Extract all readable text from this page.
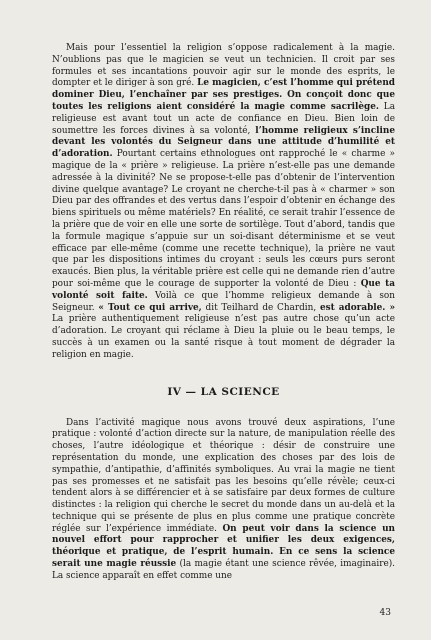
Mais pour l’essentiel la religion s’oppose radicalement à la magie. N’oublions pas que le magicien se veut un technicien. Il croit par ses formules et ses incantations pouvoir agir sur le monde des esprits, le dompter et le diriger à son gré. Le magicien, c’est l’homme qui prétend dominer Dieu, l’enchaîner par ses prestiges. On conçoit donc que toutes les religions aient considéré la magie comme sacrilège. La religieuse est avant tout un acte de confiance en Dieu. Bien loin de soumettre les forces divines à sa volonté, l’homme religieux s’incline devant les volontés du Seigneur dans une attitude d’humilité et d’adoration. Pourtant certains ethnologues ont rapproché le « charme » magique de la « prière » religieuse. La prière n’est-elle pas une demande adressée à la divinité? Ne se propose-t-elle pas d’obtenir de l’intervention divine quelque avantage? Le croyant ne cherche-t-il pas à « charmer » son Dieu par des offrandes et des vertus dans l’espoir d’obtenir en échange des biens spirituels ou même matériels? En réalité, ce serait trahir l’essence de la prière que de voir en elle une sorte de sortilège. Tout d’abord, tandis que la formule magique s’appuie sur un soi-disant déterminisme et se veut efficace par elle-même (comme une recette technique), la prière ne vaut que par les dispositions intimes du croyant : seuls les cœurs purs seront exaucés. Bien plus, la véritable prière est celle qui ne demande rien d’autre pour soi-même que le courage de supporter la volonté de Dieu : Que ta volonté soit faite. Voilà ce que l’homme religieux demande à son Seigneur. « Tout ce qui arrive, dit Teilhard de Chardin, est adorable. » La prière authentiquement religieuse n’est pas autre chose qu’un acte d’adoration. Le croyant qui réclame à Dieu la pluie ou le beau temps, le succès à un examen ou la santé risque à tout moment de dégrader la religion en magie.

IV — LA SCIENCE

Dans l’activité magique nous avons trouvé deux aspirations, l’une pratique : volonté d’action directe sur la nature, de manipulation réelle des choses, l’autre idéologique et théorique : désir de construire une représentation du monde, une explication des choses par des lois de sympathie, d’antipathie, d’affinités symboliques. Au vrai la magie ne tient pas ses promesses et ne satisfait pas les besoins qu’elle révèle; ceux-ci tendent alors à se différencier et à se satisfaire par deux formes de culture distinctes : la religion qui cherche le secret du monde dans un au-delà et la technique qui se présente de plus en plus comme une pratique concrète réglée sur l’expérience immédiate. On peut voir dans la science un nouvel effort pour rapprocher et unifier les deux exigences, théorique et pratique, de l’esprit humain. En ce sens la science serait une magie réussie (la magie étant une science rêvée, imaginaire). La science apparaît en effet comme une

43
